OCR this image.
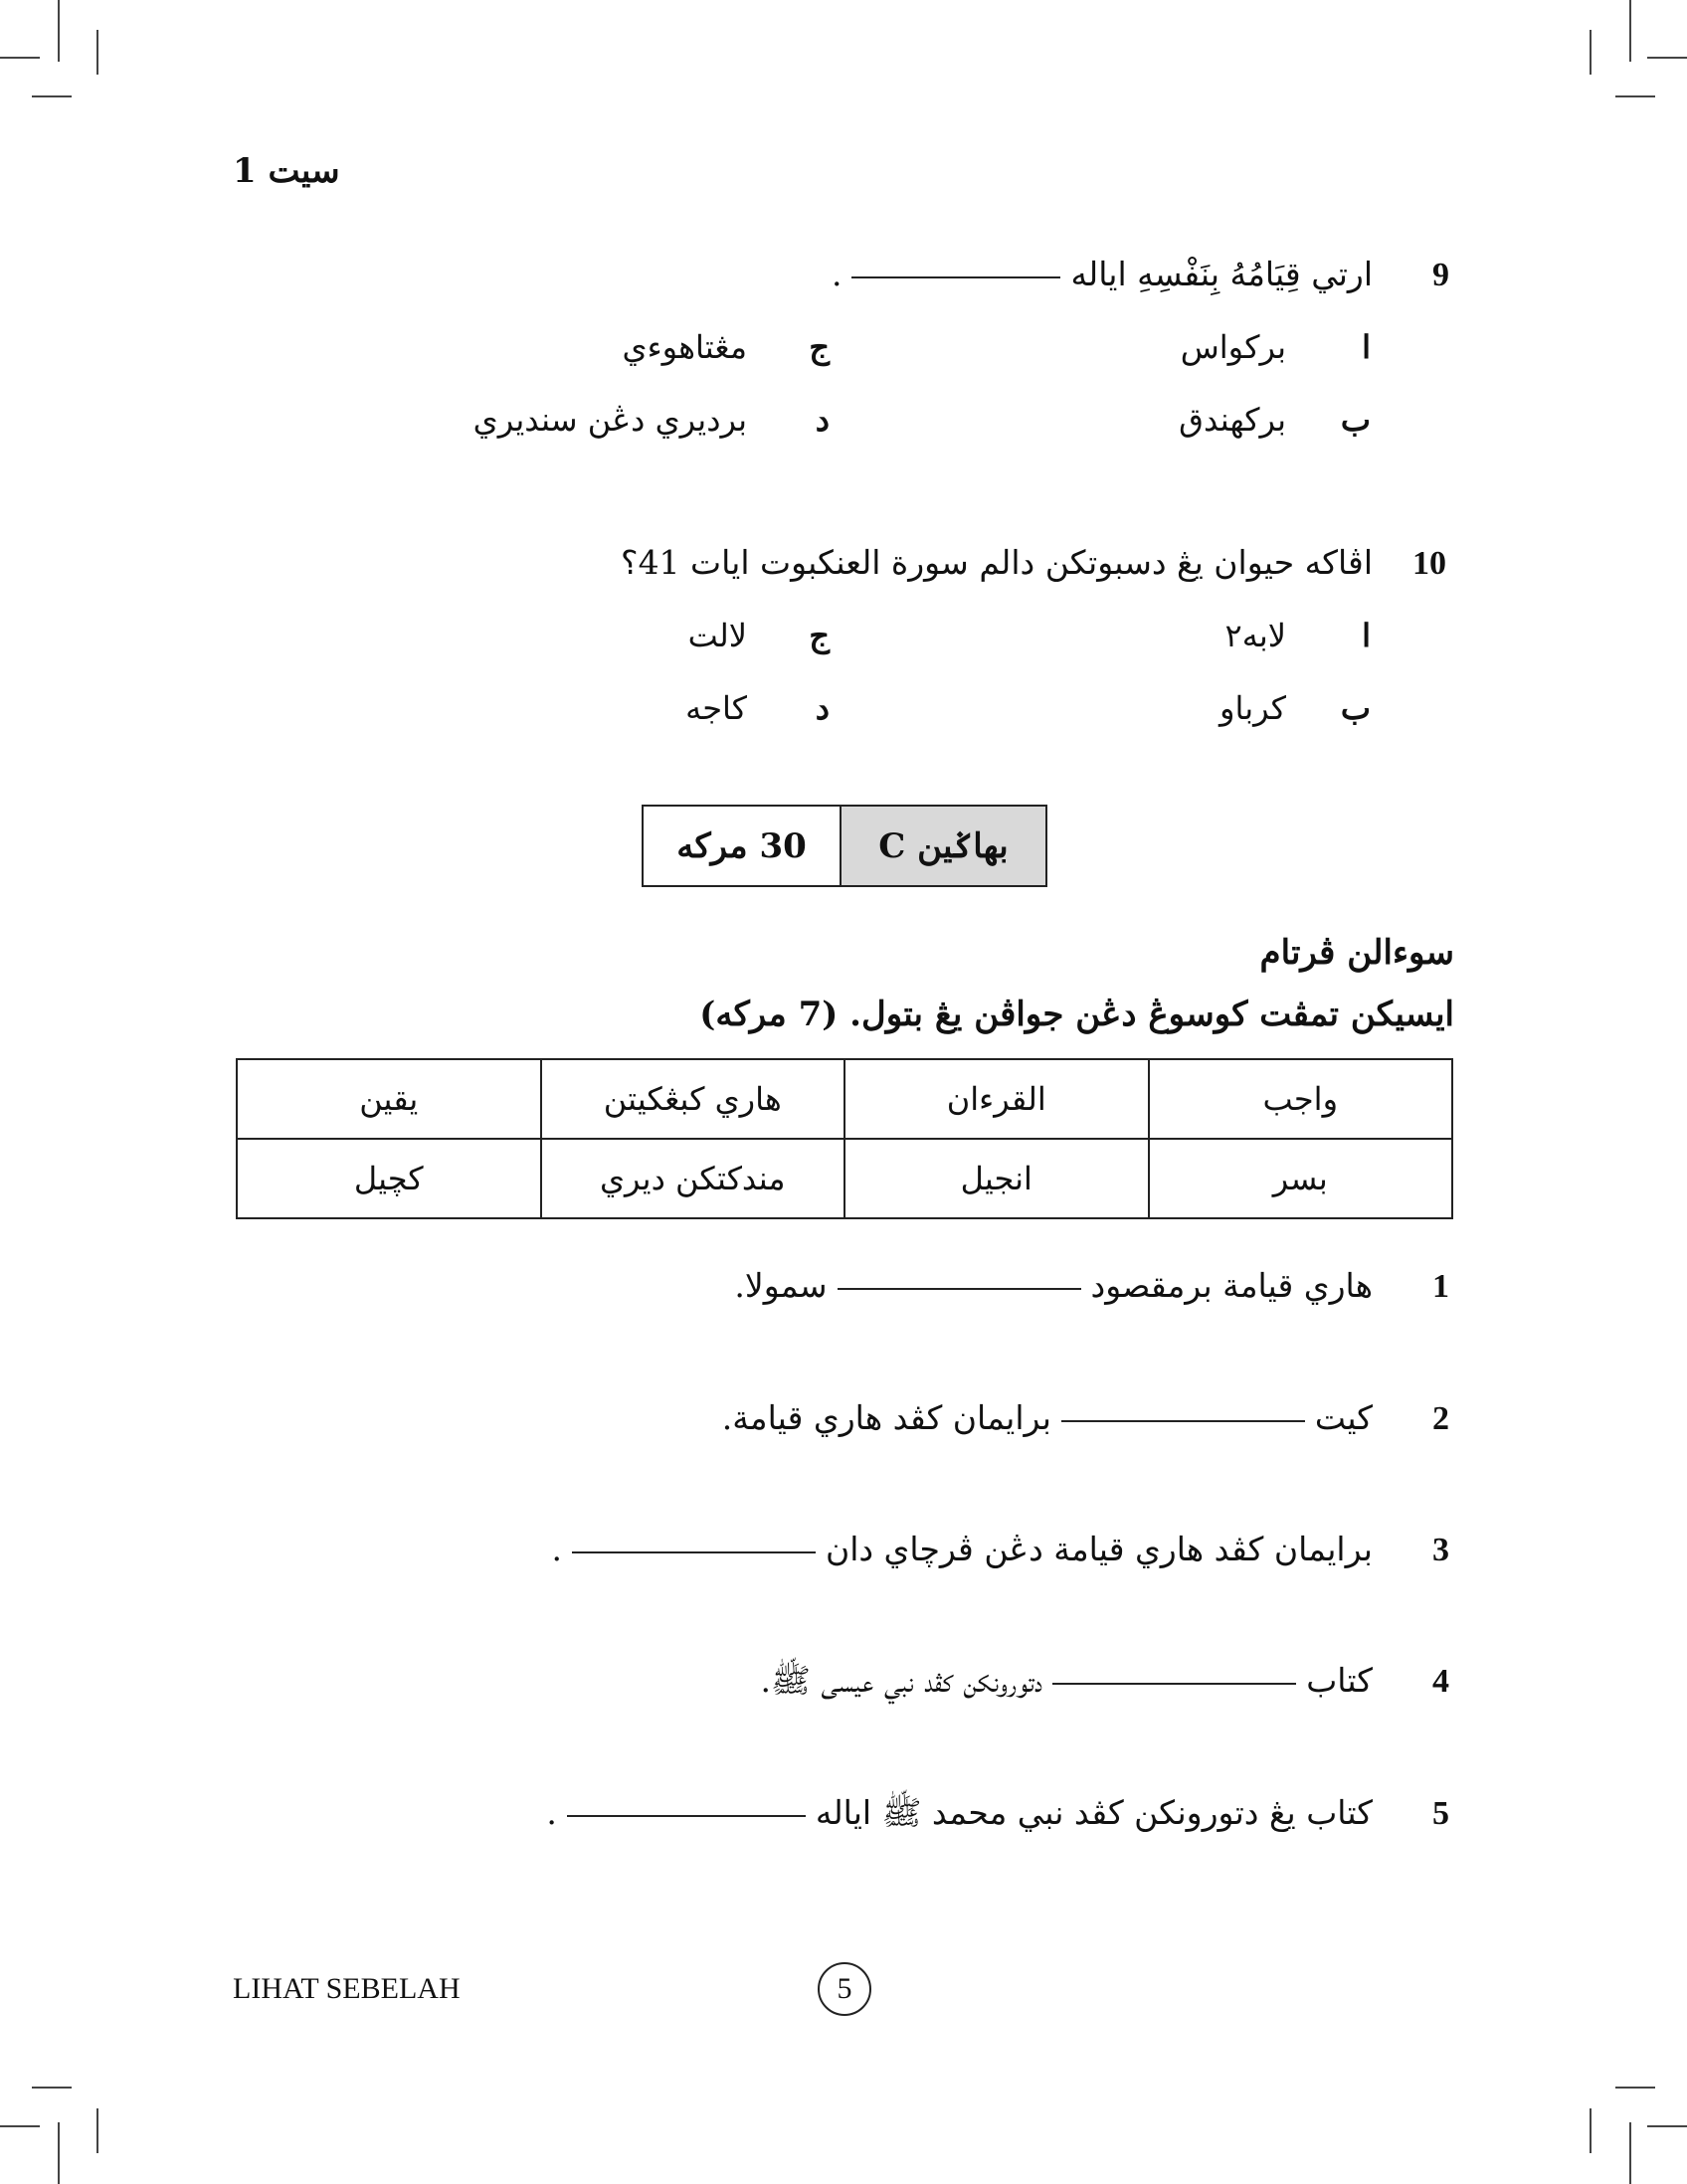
سيت 1
9
ارتي قِيَامُهُ بِنَفْسِهِ اياله.
ا
بركواس
ب
بركهندق
ج
مڠتاهوءي
د
برديري دڠن سنديري
10
اڤاكه حيوان يڠ دسبوتكن دالم سورة العنكبوت ايات 41؟
ا
لابه٢
ب
كرباو
ج
لالت
د
كاجه
بهاݢين C
30 مركه
سوءالن ڤرتام
ايسيكن تمڤت كوسوڠ دڠن جواڤن يڠ بتول. (7 مركه)
واجب	القرءان	هاري كبڠكيتن	يقين
بسر	انجيل	مندكتكن ديري	كچيل
1
هاري قيامة برمقصودسمولا.
2
كيتبرايمان كڤد هاري قيامة.
3
برايمان كڤد هاري قيامة دڠن ڤرچاي دان.
4
كتابدتورونكن كڤد نبي عيسى ﷺ.
5
كتاب يڠ دتورونكن كڤد نبي محمد ﷺ اياله.
LIHAT SEBELAH	5
